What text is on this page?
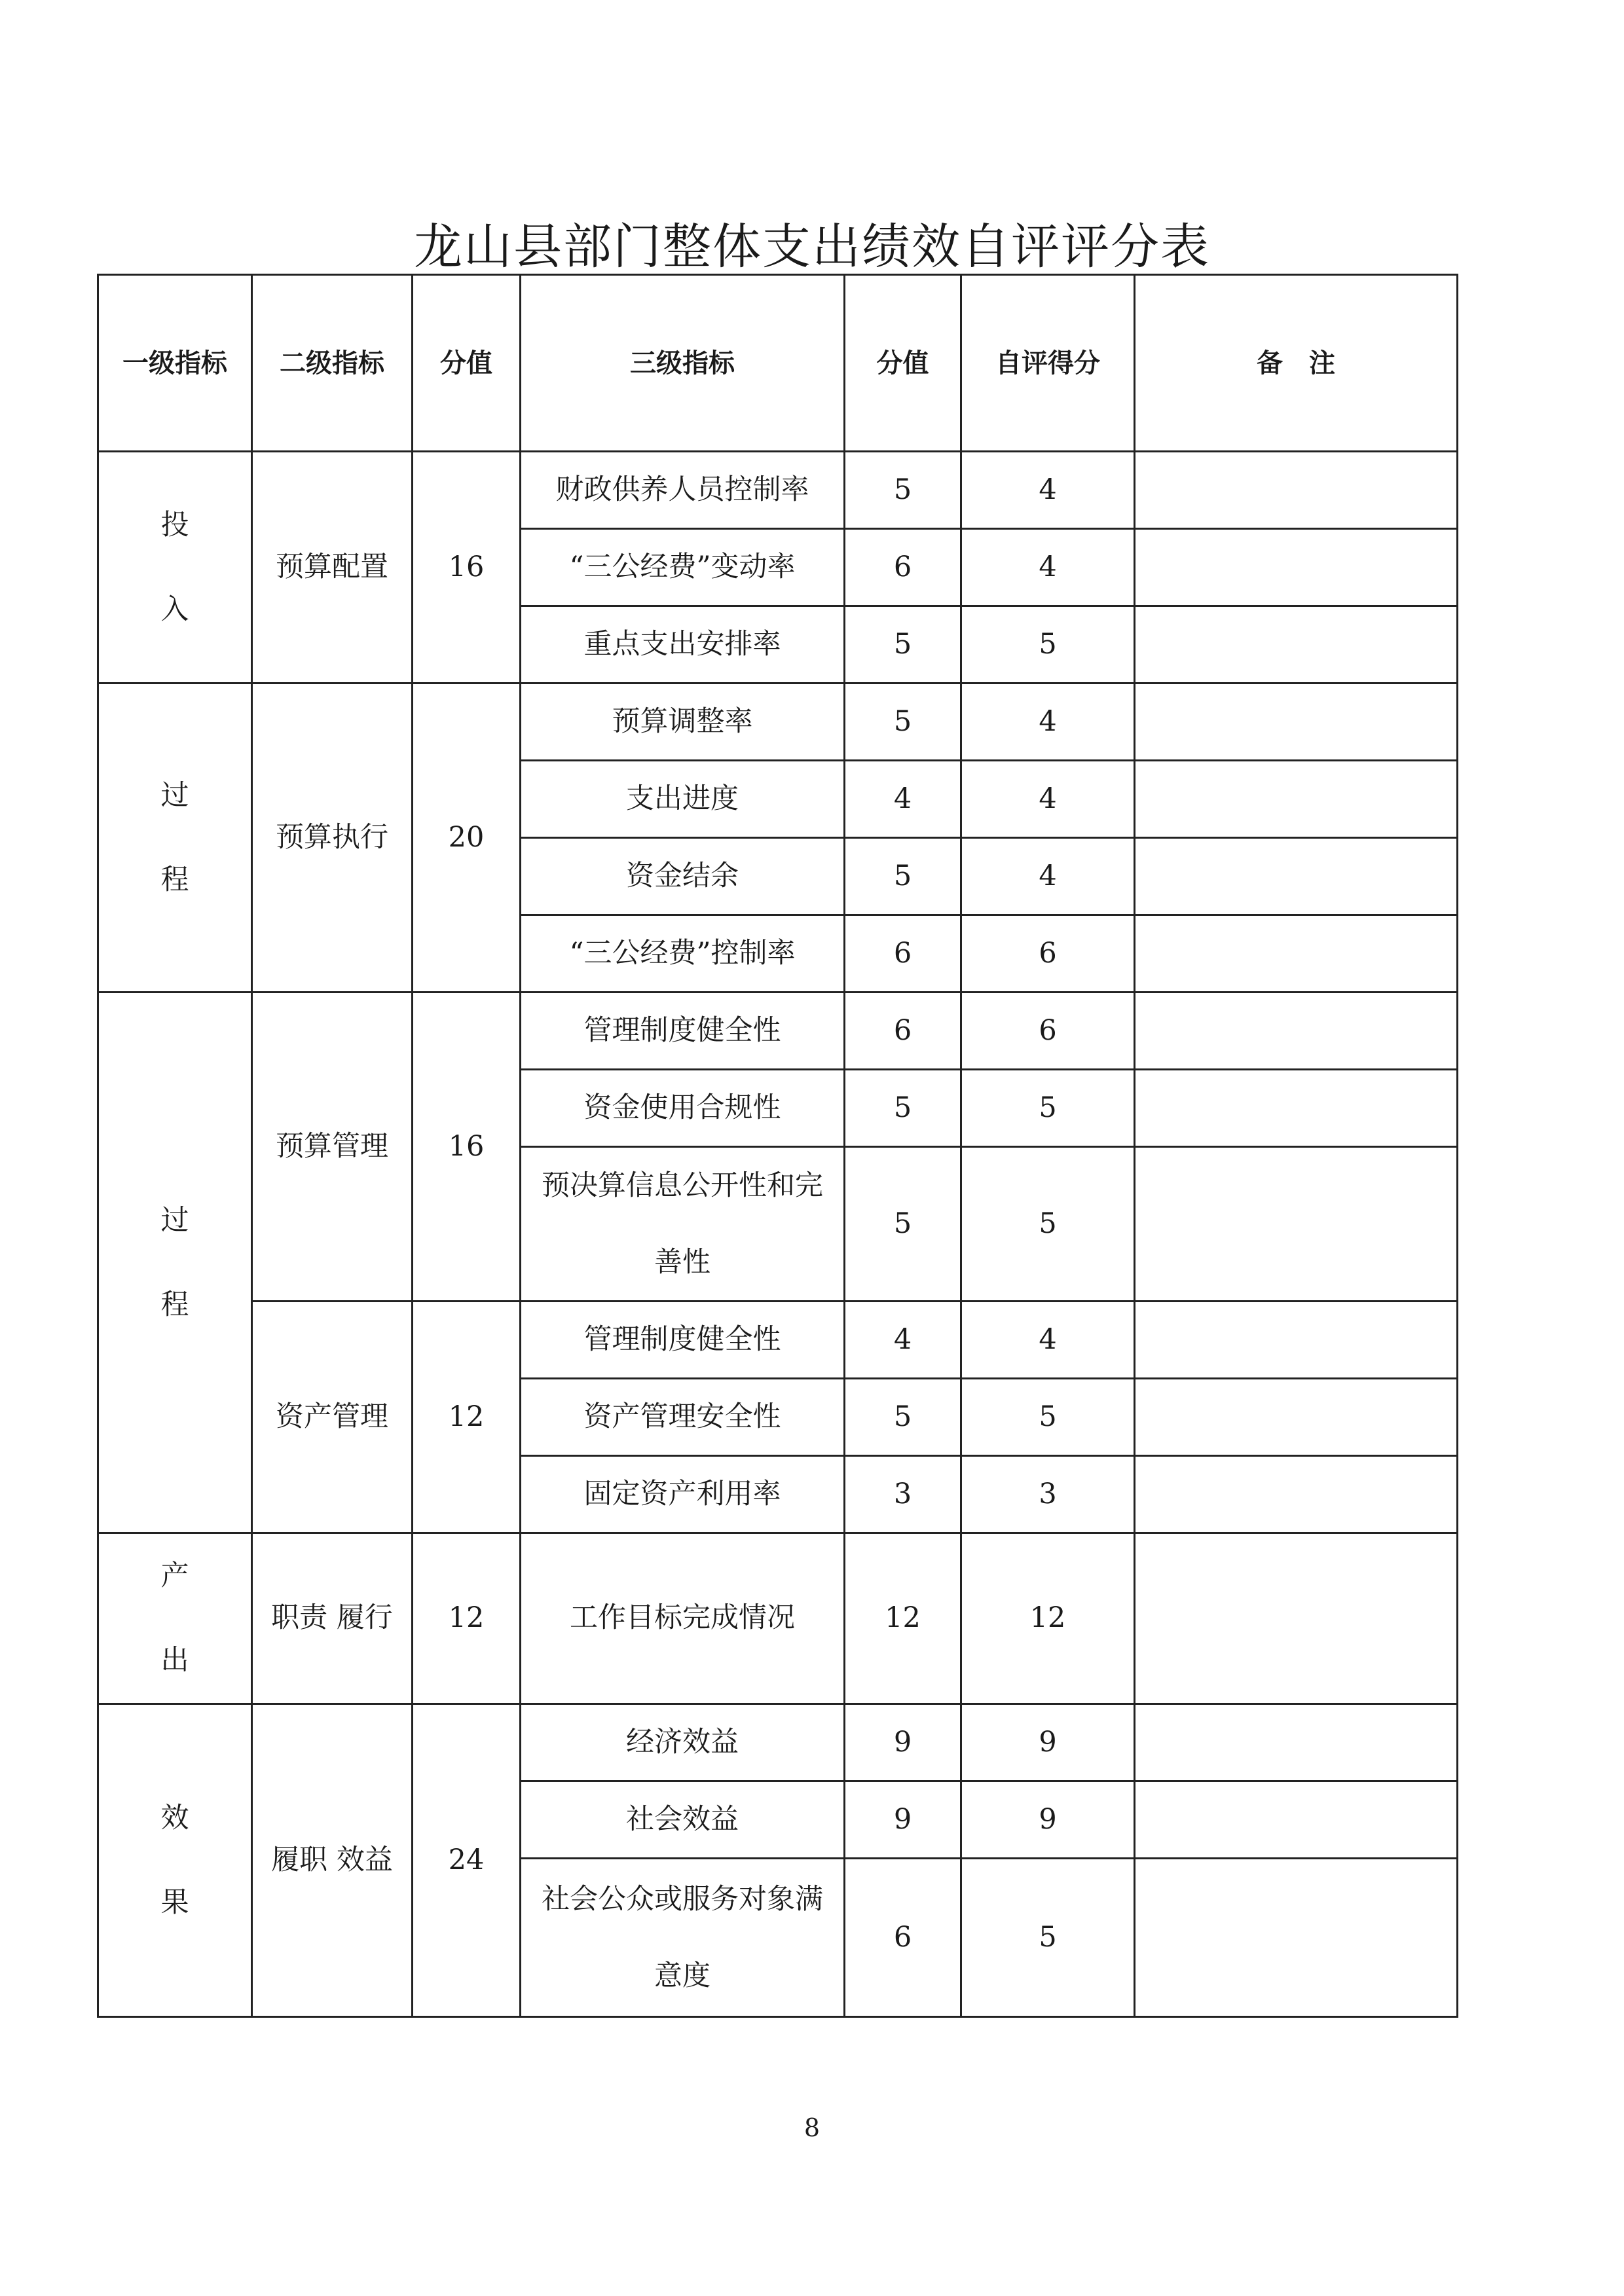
龙山县部门整体支出绩效自评评分表
一级指标	二级指标	分值	三级指标	分值	自评得分	备　注
投入	预算配置	16	财政供养人员控制率	5	4	
			“三公经费”变动率	6	4	
			重点支出安排率	5	5	
过程	预算执行	20	预算调整率	5	4	
			支出进度	4	4	
			资金结余	5	4	
			“三公经费”控制率	6	6	
过程	预算管理	16	管理制度健全性	6	6	
			资金使用合规性	5	5	
			预决算信息公开性和完善性	5	5	
	资产管理	12	管理制度健全性	4	4	
			资产管理安全性	5	5	
			固定资产利用率	3	3	
产出	职责 履行	12	工作目标完成情况	12	12	
效果	履职 效益	24	经济效益	9	9	
			社会效益	9	9	
			社会公众或服务对象满意度	6	5	
8
